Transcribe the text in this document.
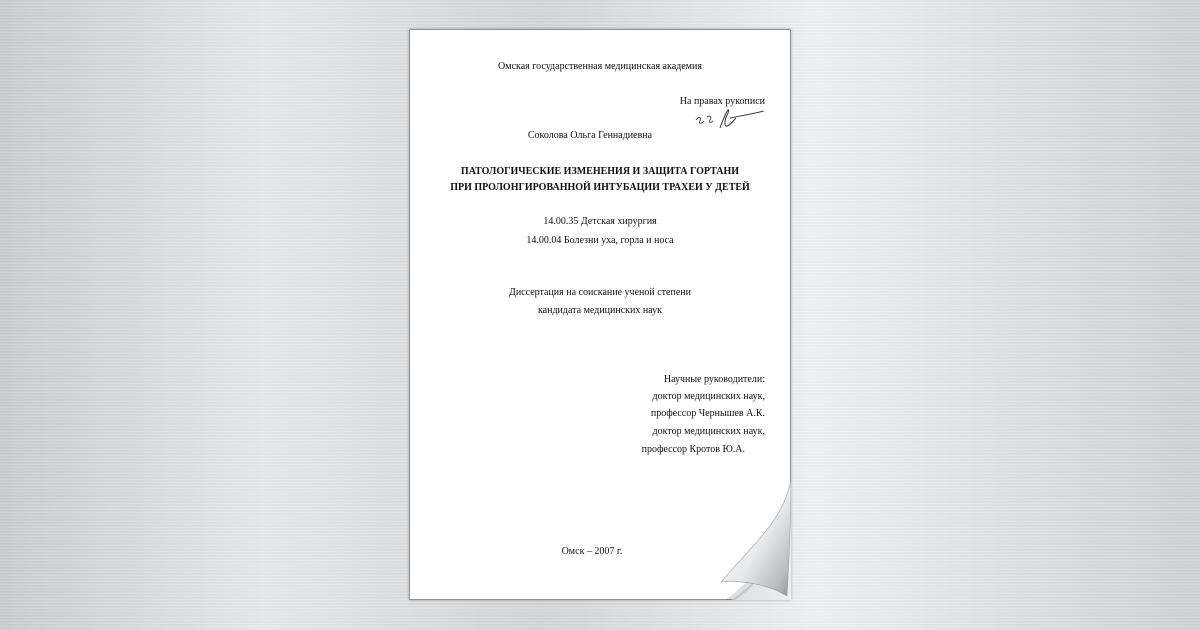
Омская государственная медицинская академия
На правах рукописи
Соколова Ольга Геннадиевна
ПАТОЛОГИЧЕСКИЕ ИЗМЕНЕНИЯ И ЗАЩИТА ГОРТАНИ
ПРИ ПРОЛОНГИРОВАННОЙ ИНТУБАЦИИ ТРАХЕИ У ДЕТЕЙ
14.00.35 Детская хирургия
14.00.04 Болезни уха, горла и носа
Диссертация на соискание ученой степени
кандидата медицинских наук
Научные руководители:
доктор медицинских наук,
профессор Чернышев А.К.
доктор медицинских наук,
профессор Кротов Ю.А.
Омск – 2007 г.
